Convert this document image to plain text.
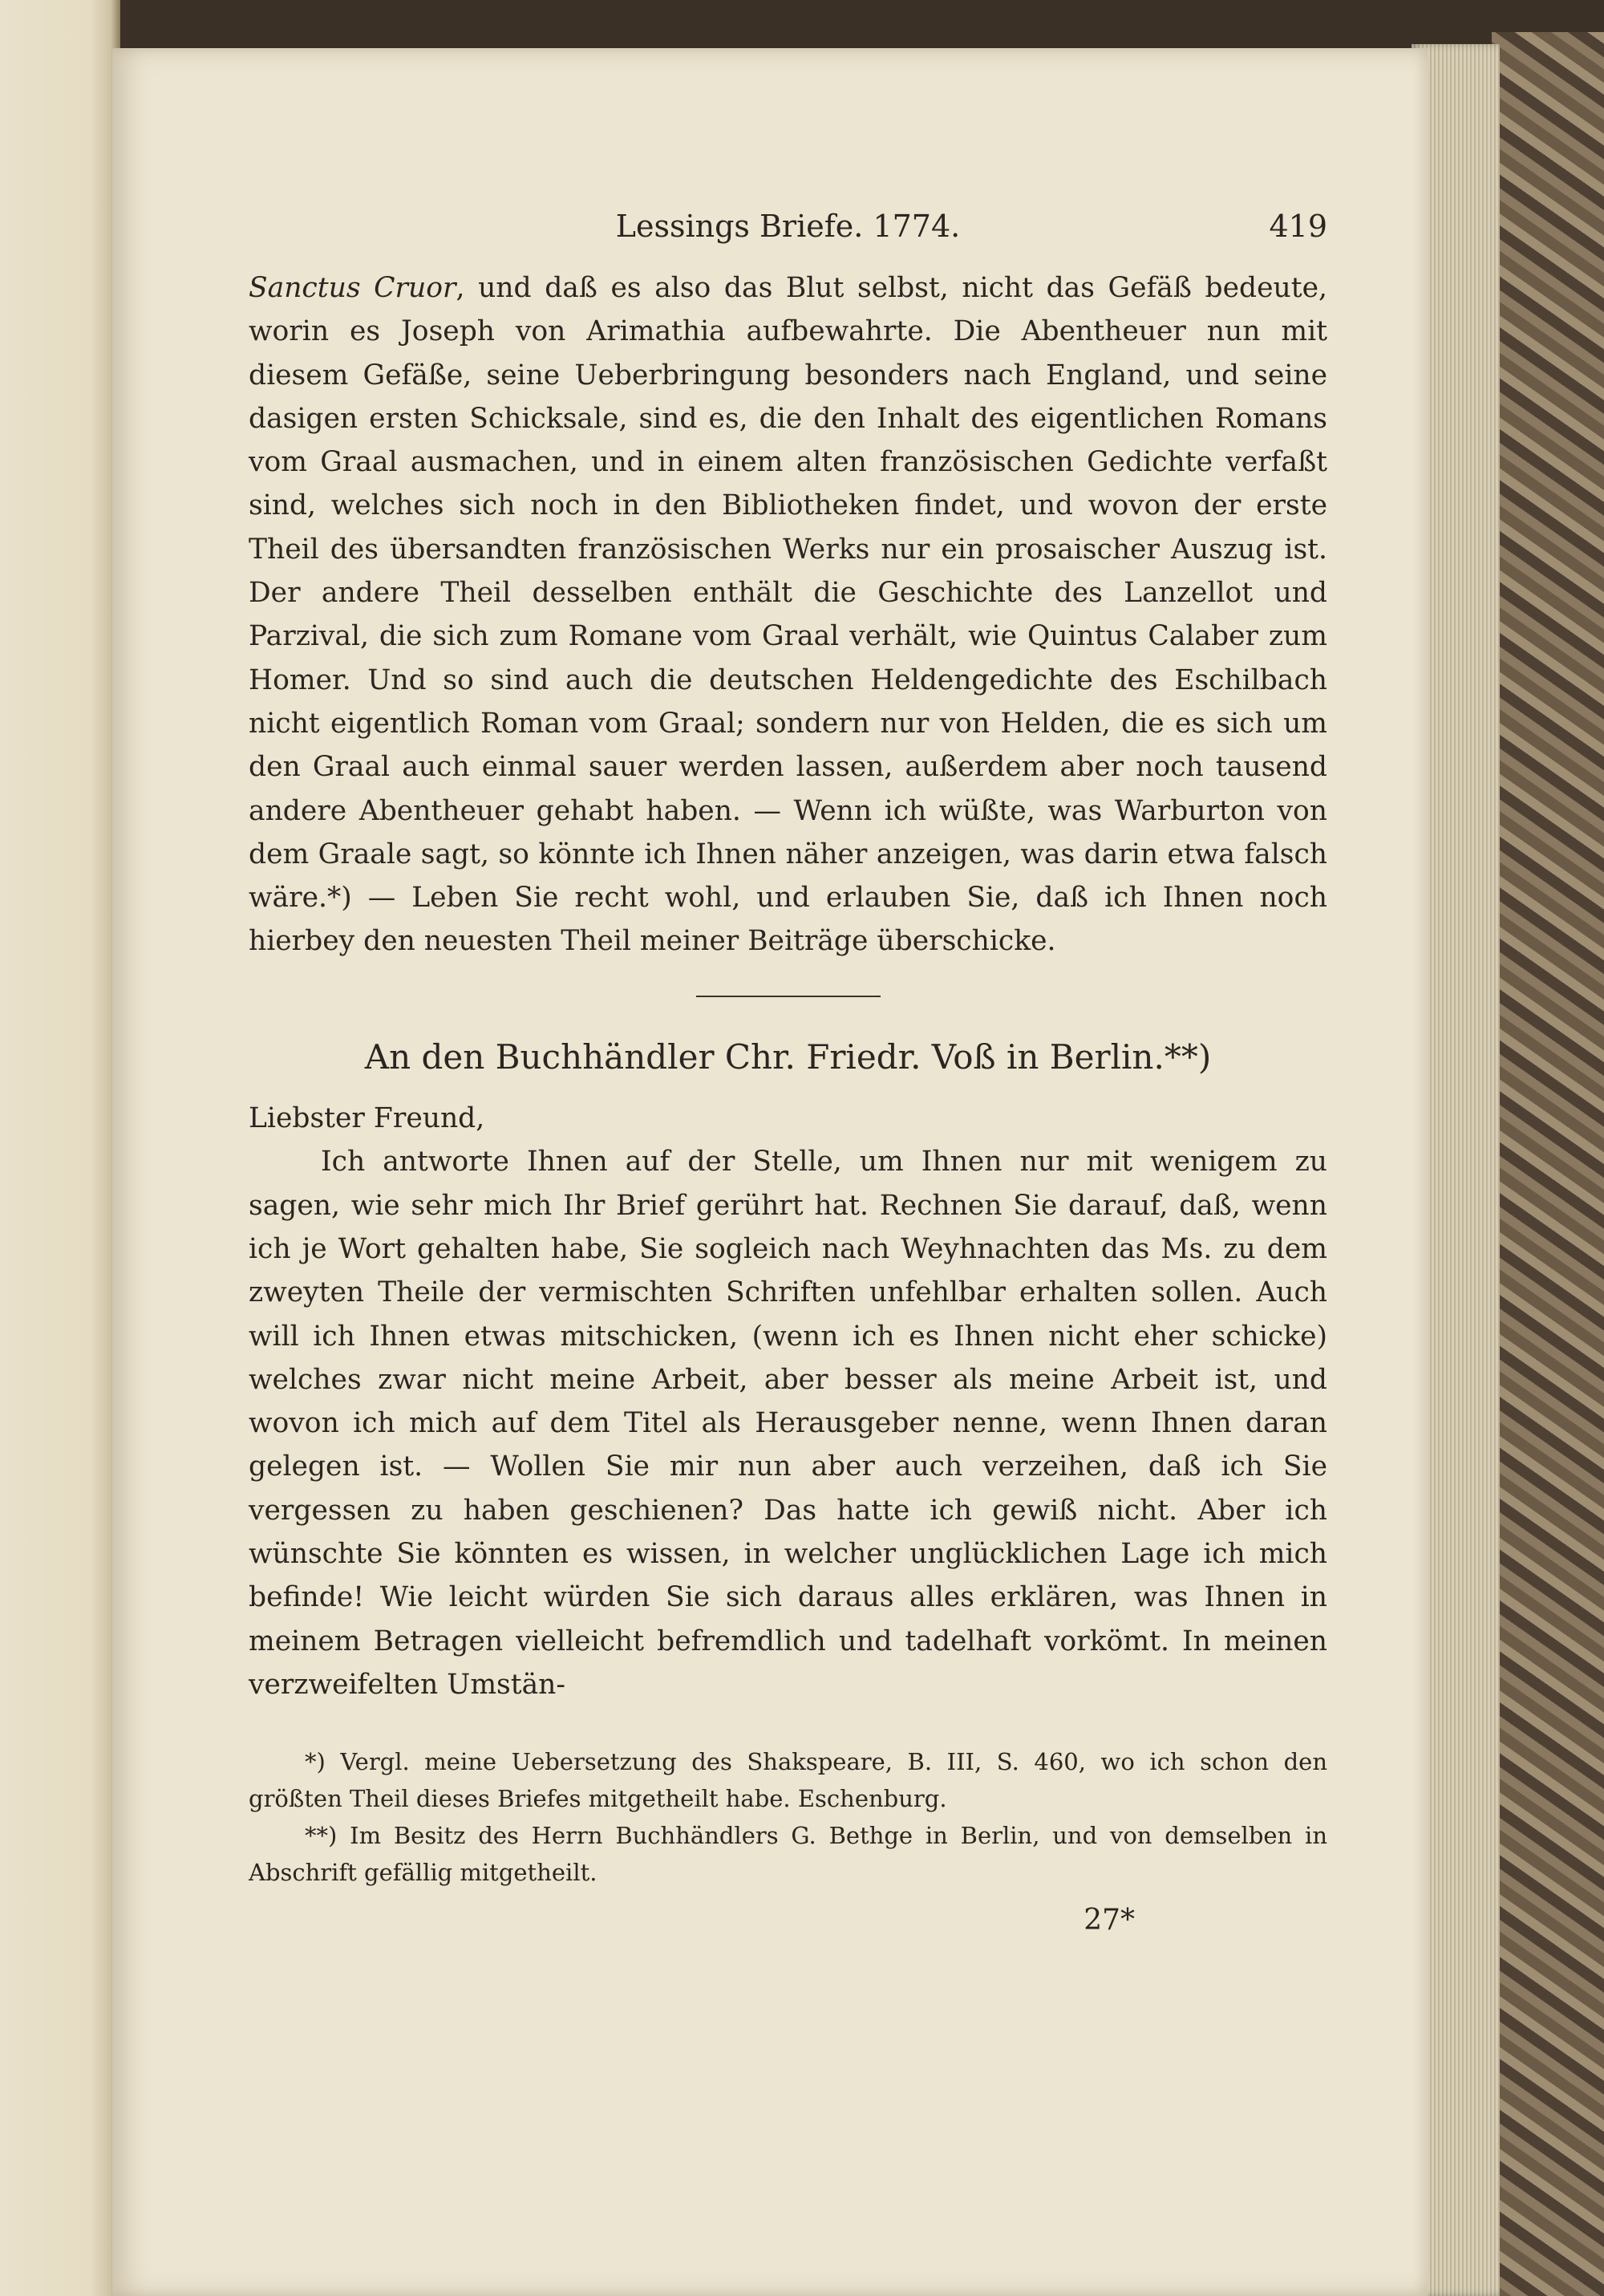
Lessings Briefe. 1774.	419

Sanctus Cruor, und daß es also das Blut selbst, nicht das Gefäß bedeute, worin es Joseph von Arimathia aufbewahrte. Die Abentheuer nun mit diesem Gefäße, seine Ueberbringung besonders nach England, und seine dasigen ersten Schicksale, sind es, die den Inhalt des eigentlichen Romans vom Graal ausmachen, und in einem alten französischen Gedichte verfaßt sind, welches sich noch in den Bibliotheken findet, und wovon der erste Theil des übersandten französischen Werks nur ein prosaischer Auszug ist. Der andere Theil desselben enthält die Geschichte des Lanzellot und Parzival, die sich zum Romane vom Graal verhält, wie Quintus Calaber zum Homer. Und so sind auch die deutschen Heldengedichte des Eschilbach nicht eigentlich Roman vom Graal; sondern nur von Helden, die es sich um den Graal auch einmal sauer werden lassen, außerdem aber noch tausend andere Abentheuer gehabt haben. — Wenn ich wüßte, was Warburton von dem Graale sagt, so könnte ich Ihnen näher anzeigen, was darin etwa falsch wäre.*) — Leben Sie recht wohl, und erlauben Sie, daß ich Ihnen noch hierbey den neuesten Theil meiner Beiträge überschicke.

An den Buchhändler Chr. Friedr. Voß in Berlin.**)

Liebster Freund,

Ich antworte Ihnen auf der Stelle, um Ihnen nur mit wenigem zu sagen, wie sehr mich Ihr Brief gerührt hat. Rechnen Sie darauf, daß, wenn ich je Wort gehalten habe, Sie sogleich nach Weyhnachten das Ms. zu dem zweyten Theile der vermischten Schriften unfehlbar erhalten sollen. Auch will ich Ihnen etwas mitschicken, (wenn ich es Ihnen nicht eher schicke) welches zwar nicht meine Arbeit, aber besser als meine Arbeit ist, und wovon ich mich auf dem Titel als Herausgeber nenne, wenn Ihnen daran gelegen ist. — Wollen Sie mir nun aber auch verzeihen, daß ich Sie vergessen zu haben geschienen? Das hatte ich gewiß nicht. Aber ich wünschte Sie könnten es wissen, in welcher unglücklichen Lage ich mich befinde! Wie leicht würden Sie sich daraus alles erklären, was Ihnen in meinem Betragen vielleicht befremdlich und tadelhaft vorkömt. In meinen verzweifelten Umstän-

*) Vergl. meine Uebersetzung des Shakspeare, B. III, S. 460, wo ich schon den größten Theil dieses Briefes mitgetheilt habe. Eschenburg.

**) Im Besitz des Herrn Buchhändlers G. Bethge in Berlin, und von demselben in Abschrift gefällig mitgetheilt.

27*
